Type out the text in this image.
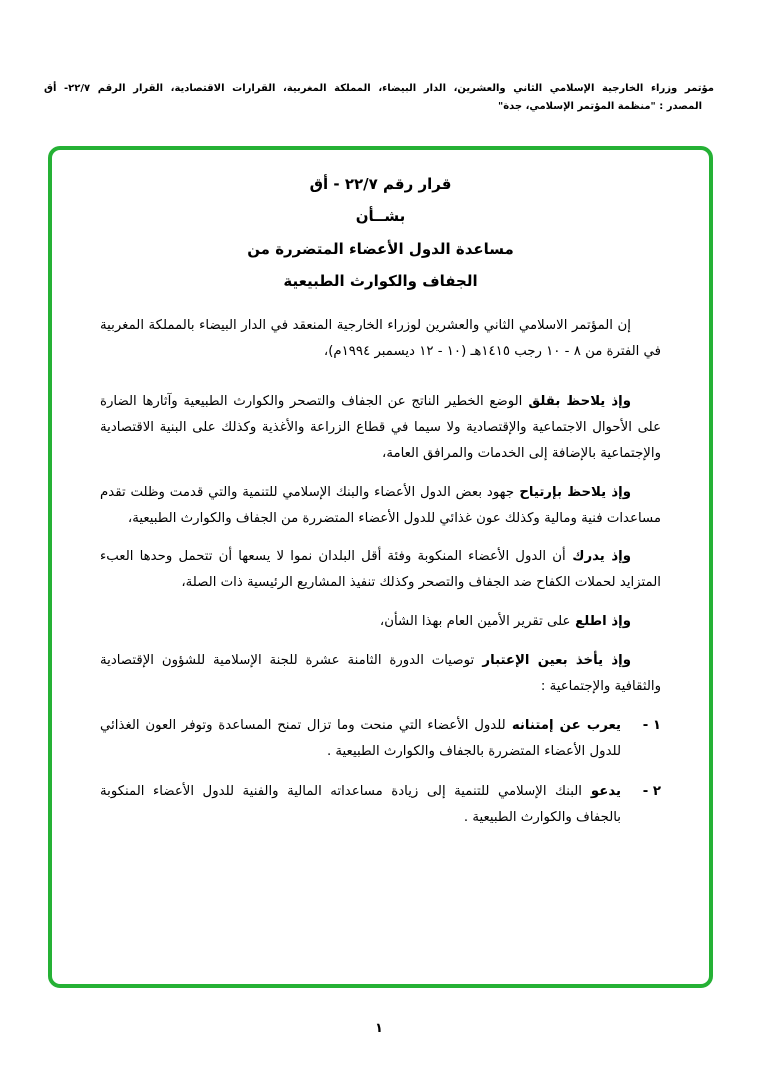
مؤتمر وزراء الخارجية الإسلامي الثاني والعشرين، الدار البيضاء، المملكة المغربية، القرارات الاقتصادية، القرار الرقم ٢٢/٧- أق
المصدر : "منظمة المؤتمر الإسلامي، جدة"
قرار رقم ٢٢/٧ - أق
بشــأن
مساعدة الدول الأعضاء المتضررة من
الجفاف والكوارث الطبيعية

إن المؤتمر الاسلامي الثاني والعشرين لوزراء الخارجية المنعقد في الدار البيضاء بالمملكة المغربية في الفترة من ٨ - ١٠ رجب ١٤١٥هـ (١٠ - ١٢ ديسمبر ١٩٩٤م)،

وإذ يلاحظ بقلقالوضع الخطير الناتج عن الجفاف والتصحر والكوارث الطبيعية وآثارها الضارة على الأحوال الاجتماعية والإقتصادية ولا سيما في قطاع الزراعة والأغذية وكذلك على البنية الاقتصادية والإجتماعية بالإضافة إلى الخدمات والمرافق العامة،

وإذ يلاحظ بإرتياحجهود بعض الدول الأعضاء والبنك الإسلامي للتنمية والتي قدمت وظلت تقدم مساعدات فنية ومالية وكذلك عون غذائي للدول الأعضاء المتضررة من الجفاف والكوارث الطبيعية،

وإذ يدركأن الدول الأعضاء المنكوبة وفئة أقل البلدان نموا لا يسعها أن تتحمل وحدها العبء المتزايد لحملات الكفاح ضد الجفاف والتصحر وكذلك تنفيذ المشاريع الرئيسية ذات الصلة،

وإذ اطلععلى تقرير الأمين العام بهذا الشأن،

وإذ يأخذ بعين الإعتبارتوصيات الدورة الثامنة عشرة للجنة الإسلامية للشؤون الإقتصادية والثقافية والإجتماعية :

١ -
يعرب عن إمتنانهللدول الأعضاء التي منحت وما تزال تمنح المساعدة وتوفر العون الغذائي للدول الأعضاء المتضررة بالجفاف والكوارث الطبيعية .
٢ -
يدعوالبنك الإسلامي للتنمية إلى زيادة مساعداته المالية والفنية للدول الأعضاء المنكوبة بالجفاف والكوارث الطبيعية .
١
